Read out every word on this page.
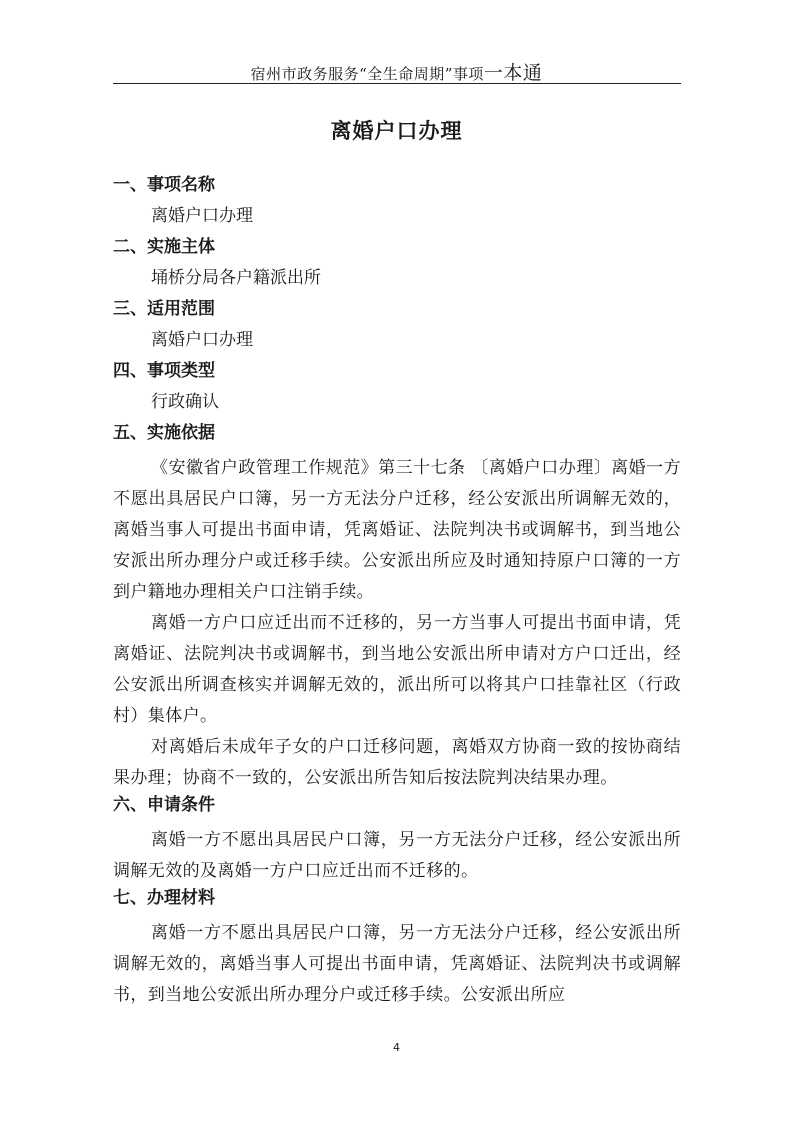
宿州市政务服务“全生命周期”事项一本通
离婚户口办理
一、事项名称
离婚户口办理
二、实施主体
埇桥分局各户籍派出所
三、适用范围
离婚户口办理
四、事项类型
行政确认
五、实施依据

《安徽省户政管理工作规范》第三十七条 〔离婚户口办理〕离婚一方不愿出具居民户口簿，另一方无法分户迁移，经公安派出所调解无效的，离婚当事人可提出书面申请，凭离婚证、法院判决书或调解书，到当地公安派出所办理分户或迁移手续。公安派出所应及时通知持原户口簿的一方到户籍地办理相关户口注销手续。

离婚一方户口应迁出而不迁移的，另一方当事人可提出书面申请，凭离婚证、法院判决书或调解书，到当地公安派出所申请对方户口迁出，经公安派出所调查核实并调解无效的，派出所可以将其户口挂靠社区（行政村）集体户。

对离婚后未成年子女的户口迁移问题，离婚双方协商一致的按协商结果办理；协商不一致的，公安派出所告知后按法院判决结果办理。

六、申请条件

离婚一方不愿出具居民户口簿，另一方无法分户迁移，经公安派出所调解无效的及离婚一方户口应迁出而不迁移的。

七、办理材料

离婚一方不愿出具居民户口簿，另一方无法分户迁移，经公安派出所调解无效的，离婚当事人可提出书面申请，凭离婚证、法院判决书或调解书，到当地公安派出所办理分户或迁移手续。公安派出所应

4
